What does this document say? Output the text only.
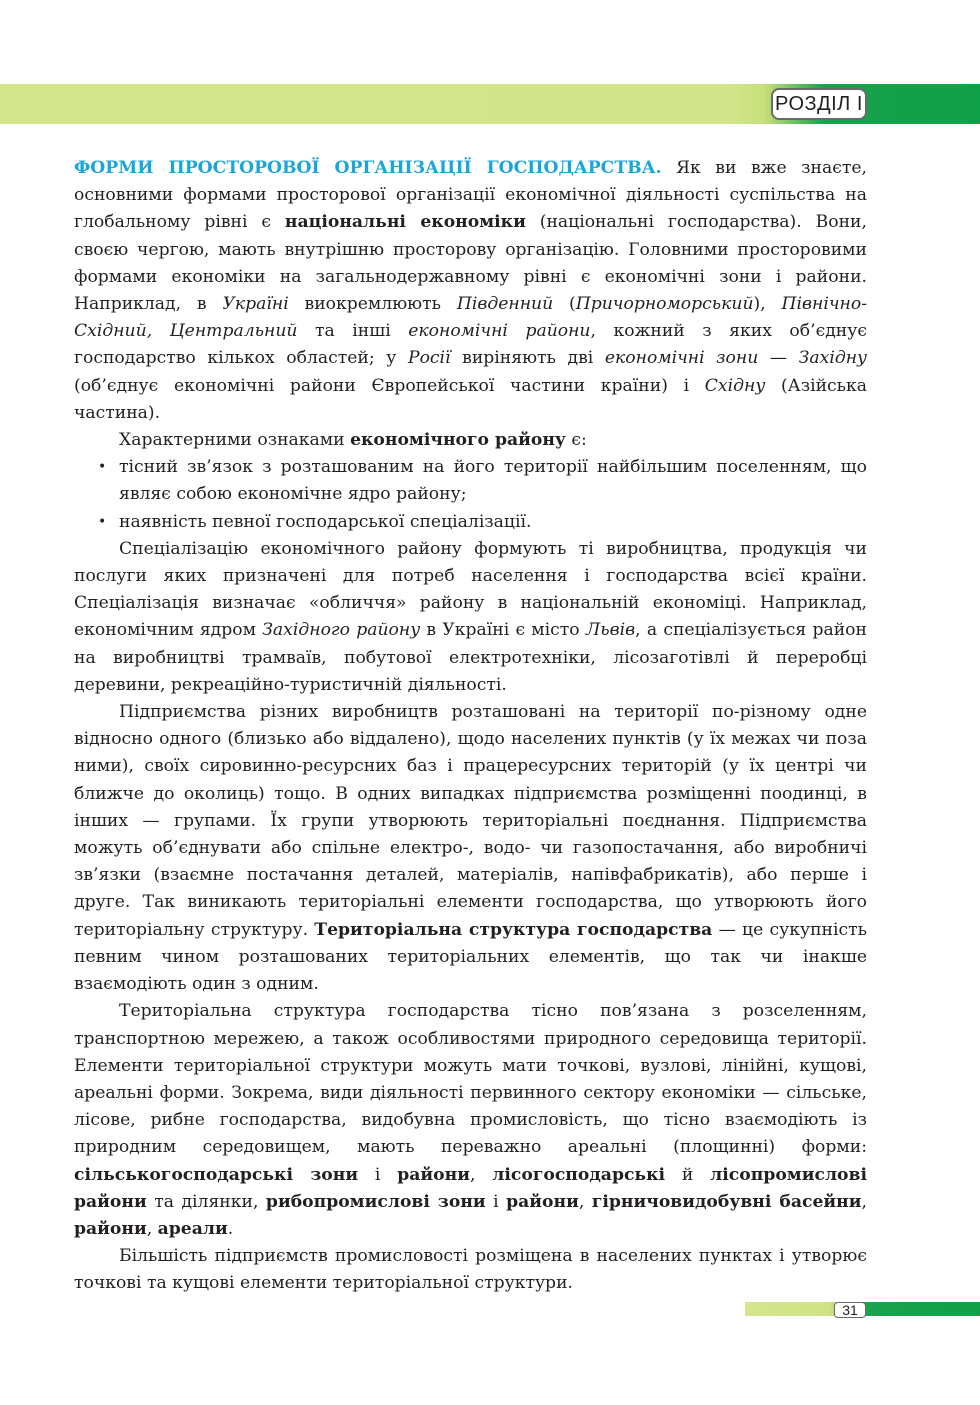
РОЗДІЛ І

ФОРМИ ПРОСТОРОВОЇ ОРГАНІЗАЦІЇ ГОСПОДАРСТВА. Як ви вже знаєте, основними формами просторової організації економічної діяльності суспільства на глобальному рівні є національні економіки (національні господарства). Вони, своєю чергою, мають внутрішню просторову організацію. Головними просторовими формами економіки на загальнодержавному рівні є економічні зони і райони. Наприклад, в Україні виокремлюють Південний (Причорноморський), Північно-Східний, Центральний та інші економічні райони, кожний з яких об’єднує господарство кількох областей; у Росії виріняють дві економічні зони — Західну (об’єднує економічні райони Європейської частини країни) і Східну (Азійська частина).

Характерними ознаками економічного району є:

• тісний зв’язок з розташованим на його території найбільшим поселенням, що являє собою економічне ядро району;
• наявність певної господарської спеціалізації.

Спеціалізацію економічного району формують ті виробництва, продукція чи послуги яких призначені для потреб населення і господарства всієї країни. Спеціалізація визначає «обличчя» району в національній економіці. Наприклад, економічним ядром Західного району в Україні є місто Львів, а спеціалізується район на виробництві трамваїв, побутової електротехніки, лісозаготівлі й переробці деревини, рекреаційно-туристичній діяльності.

Підприємства різних виробництв розташовані на території по-різному одне відносно одного (близько або віддалено), щодо населених пунктів (у їх межах чи поза ними), своїх сировинно-ресурсних баз і працересурсних територій (у їх центрі чи ближче до околиць) тощо. В одних випадках підприємства розміщенні поодинці, в інших — групами. Їх групи утворюють територіальні поєднання. Підприємства можуть об’єднувати або спільне електро-, водо- чи газопостачання, або виробничі зв’язки (взаємне постачання деталей, матеріалів, напівфабрикатів), або перше і друге. Так виникають територіальні елементи господарства, що утворюють його територіальну структуру. Територіальна структура господарства — це сукупність певним чином розташованих територіальних елементів, що так чи інакше взаємодіють один з одним.

Територіальна структура господарства тісно пов’язана з розселенням, транспортною мережею, а також особливостями природного середовища території. Елементи територіальної структури можуть мати точкові, вузлові, лінійні, кущові, ареальні форми. Зокрема, види діяльності первинного сектору економіки — сільське, лісове, рибне господарства, видобувна промисловість, що тісно взаємодіють із природним середовищем, мають переважно ареальні (площинні) форми: сільськогосподарські зони і райони, лісогосподарські й лісопромислові райони та ділянки, рибопромислові зони і райони, гірничовидобувні басейни, райони, ареали.

Більшість підприємств промисловості розміщена в населених пунктах і утворює точкові та кущові елементи територіальної структури.

31
